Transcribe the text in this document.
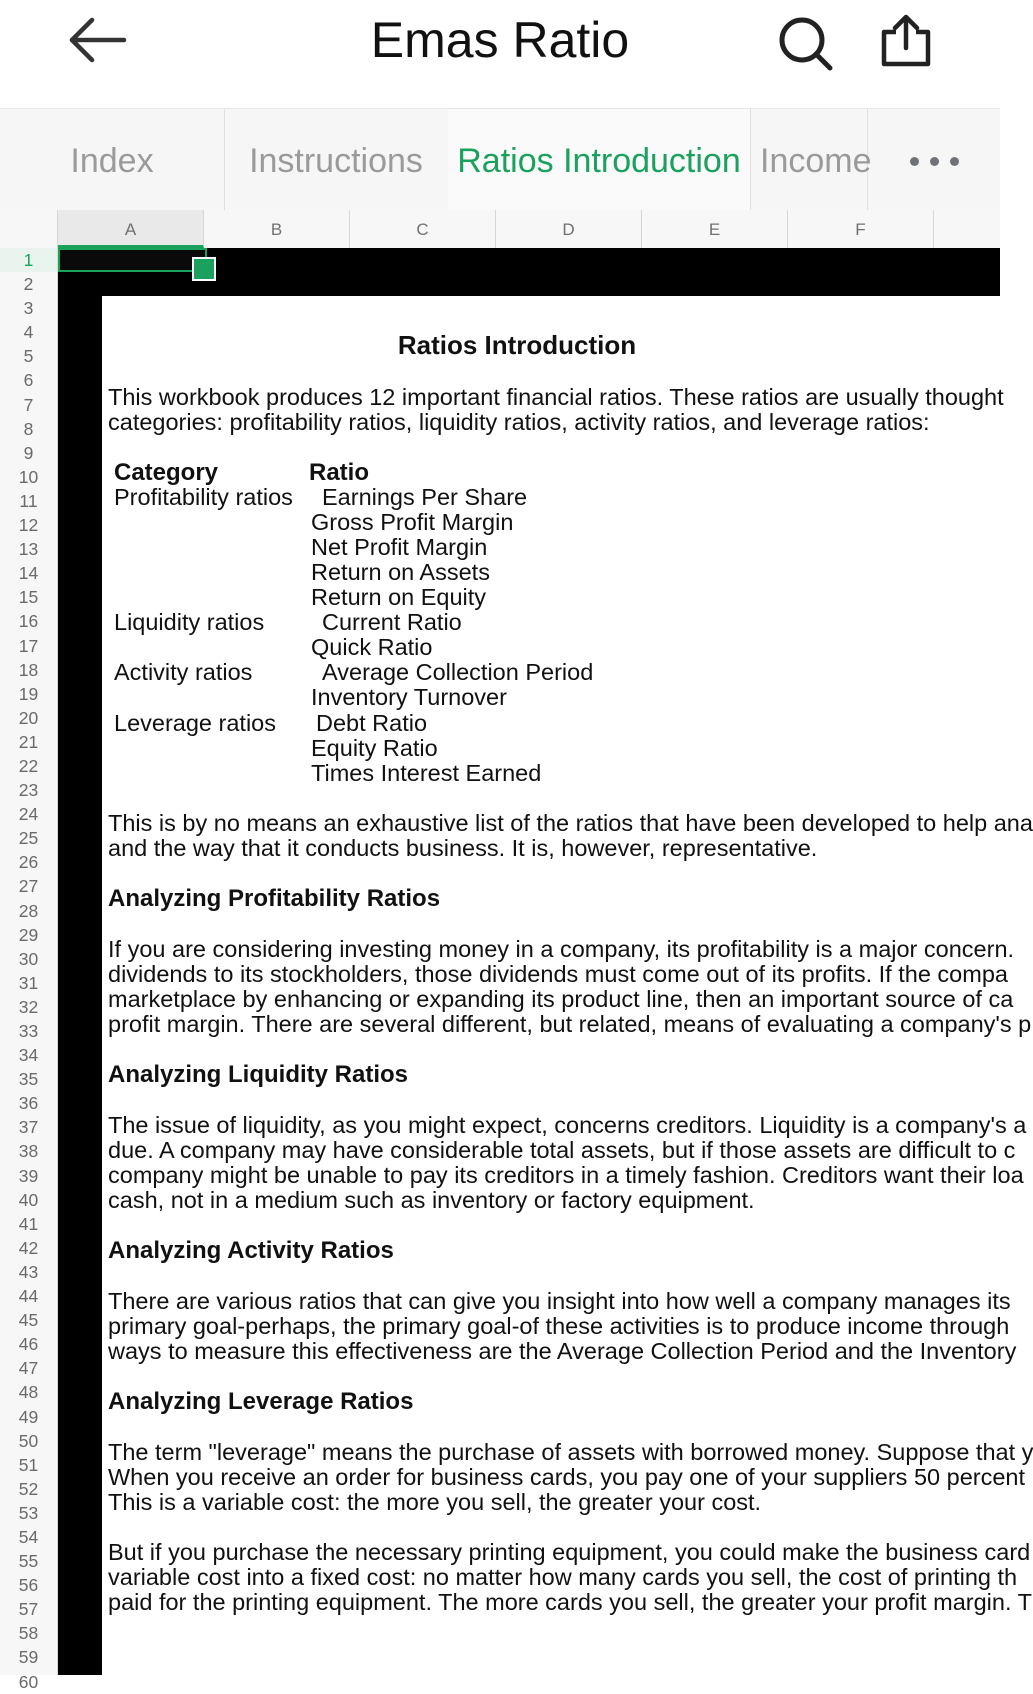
Emas Ratio
Index	Instructions	Ratios Introduction Income
A	B	C	D	E	F
1
2
3
4
5
6
7
8
9
10
11
12
13
14
15
16
17
18
19
20
21
22
23
24
25
26
27
28
29
30
31
32
33
34
35
36
37
38
39
40
41
42
43
44
45
46
47
48
49
50
51
52
53
54
55
56
57
58
59
60
Ratios Introduction
This workbook produces 12 important financial ratios. These ratios are usually thought
categories: profitability ratios, liquidity ratios, activity ratios, and leverage ratios:
Category	Ratio
Profitability ratios Earnings Per Share
Gross Profit Margin
Net Profit Margin
Return on Assets
Return on Equity
Liquidity ratios Current Ratio
Quick Ratio
Activity ratios	Average Collection Period
Inventory Turnover
Leverage ratios Debt Ratio
Equity Ratio
Times Interest Earned
This is by no means an exhaustive list of the ratios that have been developed to help ana
and the way that it conducts business. It is, however, representative.
Analyzing Profitability Ratios
If you are considering investing money in a company, its profitability is a major concern.
dividends to its stockholders, those dividends must come out of its profits. If the compa
marketplace by enhancing or expanding its product line, then an important source of ca
profit margin. There are several different, but related, means of evaluating a company's p
Analyzing Liquidity Ratios
The issue of liquidity, as you might expect, concerns creditors. Liquidity is a company's a
due. A company may have considerable total assets, but if those assets are difficult to c
company might be unable to pay its creditors in a timely fashion. Creditors want their loa
cash, not in a medium such as inventory or factory equipment.
Analyzing Activity Ratios
There are various ratios that can give you insight into how well a company manages its
primary goal-perhaps, the primary goal-of these activities is to produce income through
ways to measure this effectiveness are the Average Collection Period and the Inventory
Analyzing Leverage Ratios
The term "leverage" means the purchase of assets with borrowed money. Suppose that y
When you receive an order for business cards, you pay one of your suppliers 50 percent
This is a variable cost: the more you sell, the greater your cost.
But if you purchase the necessary printing equipment, you could make the business card
variable cost into a fixed cost: no matter how many cards you sell, the cost of printing th
paid for the printing equipment. The more cards you sell, the greater your profit margin. T
